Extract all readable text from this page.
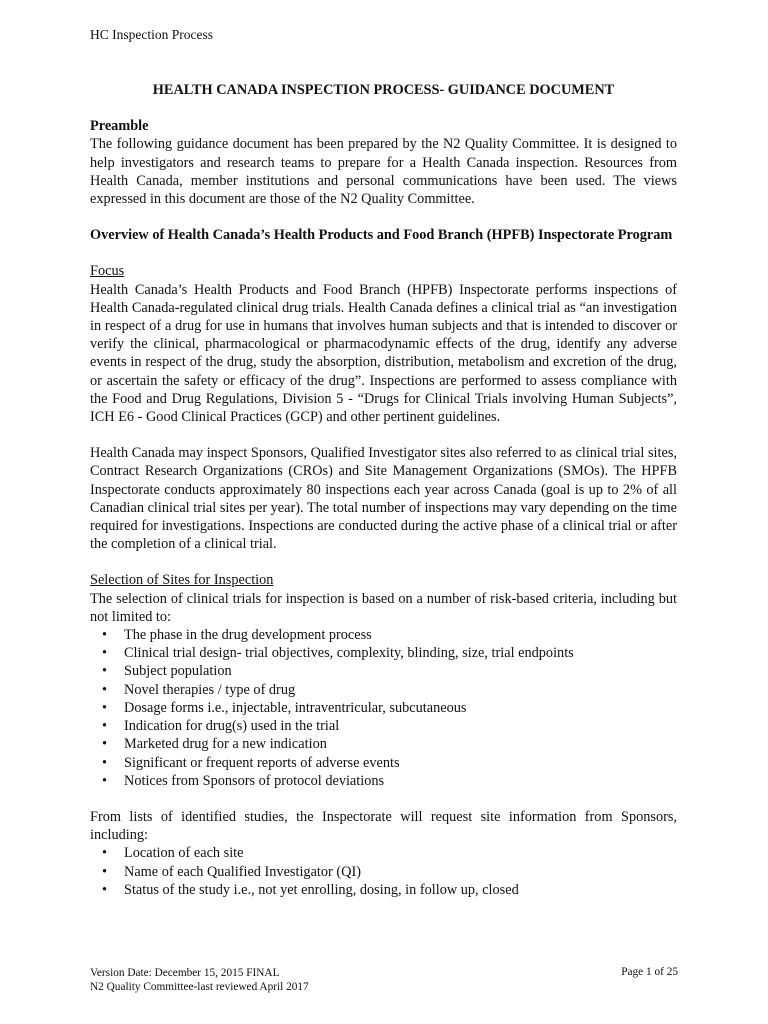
HC Inspection Process
HEALTH CANADA INSPECTION PROCESS- GUIDANCE DOCUMENT
Preamble

The following guidance document has been prepared by the N2 Quality Committee. It is designed to help investigators and research teams to prepare for a Health Canada inspection. Resources from Health Canada, member institutions and personal communications have been used. The views expressed in this document are those of the N2 Quality Committee.

Overview of Health Canada’s Health Products and Food Branch (HPFB) Inspectorate Program
Focus

Health Canada’s Health Products and Food Branch (HPFB) Inspectorate performs inspections of Health Canada-regulated clinical drug trials. Health Canada defines a clinical trial as “an investigation in respect of a drug for use in humans that involves human subjects and that is intended to discover or verify the clinical, pharmacological or pharmacodynamic effects of the drug, identify any adverse events in respect of the drug, study the absorption, distribution, metabolism and excretion of the drug, or ascertain the safety or efficacy of the drug”. Inspections are performed to assess compliance with the Food and Drug Regulations, Division 5 - “Drugs for Clinical Trials involving Human Subjects”, ICH E6 - Good Clinical Practices (GCP) and other pertinent guidelines.

Health Canada may inspect Sponsors, Qualified Investigator sites also referred to as clinical trial sites, Contract Research Organizations (CROs) and Site Management Organizations (SMOs). The HPFB Inspectorate conducts approximately 80 inspections each year across Canada (goal is up to 2% of all Canadian clinical trial sites per year). The total number of inspections may vary depending on the time required for investigations. Inspections are conducted during the active phase of a clinical trial or after the completion of a clinical trial.

Selection of Sites for Inspection

The selection of clinical trials for inspection is based on a number of risk-based criteria, including but not limited to:

• The phase in the drug development process
• Clinical trial design- trial objectives, complexity, blinding, size, trial endpoints
• Subject population
• Novel therapies / type of drug
• Dosage forms i.e., injectable, intraventricular, subcutaneous
• Indication for drug(s) used in the trial
• Marketed drug for a new indication
• Significant or frequent reports of adverse events
• Notices from Sponsors of protocol deviations

From lists of identified studies, the Inspectorate will request site information from Sponsors, including:

• Location of each site
• Name of each Qualified Investigator (QI)
• Status of the study i.e., not yet enrolling, dosing, in follow up, closed
Version Date: December 15, 2015 FINAL
N2 Quality Committee-last reviewed April 2017
Page 1 of 25
